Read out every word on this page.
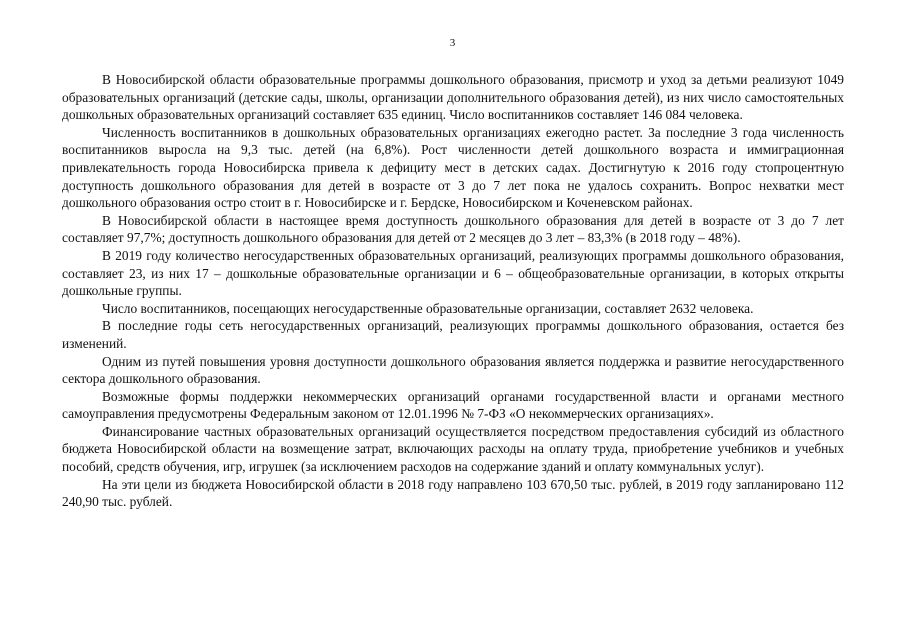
3

В Новосибирской области образовательные программы дошкольного образования, присмотр и уход за детьми реализуют 1049 образовательных организаций (детские сады, школы, организации дополнительного образования детей), из них число самостоятельных дошкольных образовательных организаций составляет 635 единиц. Число воспитанников составляет 146 084 человека.

Численность воспитанников в дошкольных образовательных организациях ежегодно растет. За последние 3 года численность воспитанников выросла на 9,3 тыс. детей (на 6,8%). Рост численности детей дошкольного возраста и иммиграционная привлекательность города Новосибирска привела к дефициту мест в детских садах. Достигнутую к 2016 году стопроцентную доступность дошкольного образования для детей в возрасте от 3 до 7 лет пока не удалось сохранить. Вопрос нехватки мест дошкольного образования остро стоит в г. Новосибирске и г. Бердске, Новосибирском и Коченевском районах.

В Новосибирской области в настоящее время доступность дошкольного образования для детей в возрасте от 3 до 7 лет составляет 97,7%; доступность дошкольного образования для детей от 2 месяцев до 3 лет – 83,3% (в 2018 году – 48%).

В 2019 году количество негосударственных образовательных организаций, реализующих программы дошкольного образования, составляет 23, из них 17 – дошкольные образовательные организации и 6 – общеобразовательные организации, в которых открыты дошкольные группы.

Число воспитанников, посещающих негосударственные образовательные организации, составляет 2632 человека.

В последние годы сеть негосударственных организаций, реализующих программы дошкольного образования, остается без изменений.

Одним из путей повышения уровня доступности дошкольного образования является поддержка и развитие негосударственного сектора дошкольного образования.

Возможные формы поддержки некоммерческих организаций органами государственной власти и органами местного самоуправления предусмотрены Федеральным законом от 12.01.1996 № 7-ФЗ «О некоммерческих организациях».

Финансирование частных образовательных организаций осуществляется посредством предоставления субсидий из областного бюджета Новосибирской области на возмещение затрат, включающих расходы на оплату труда, приобретение учебников и учебных пособий, средств обучения, игр, игрушек (за исключением расходов на содержание зданий и оплату коммунальных услуг).

На эти цели из бюджета Новосибирской области в 2018 году направлено 103 670,50 тыс. рублей, в 2019 году запланировано 112 240,90 тыс. рублей.
